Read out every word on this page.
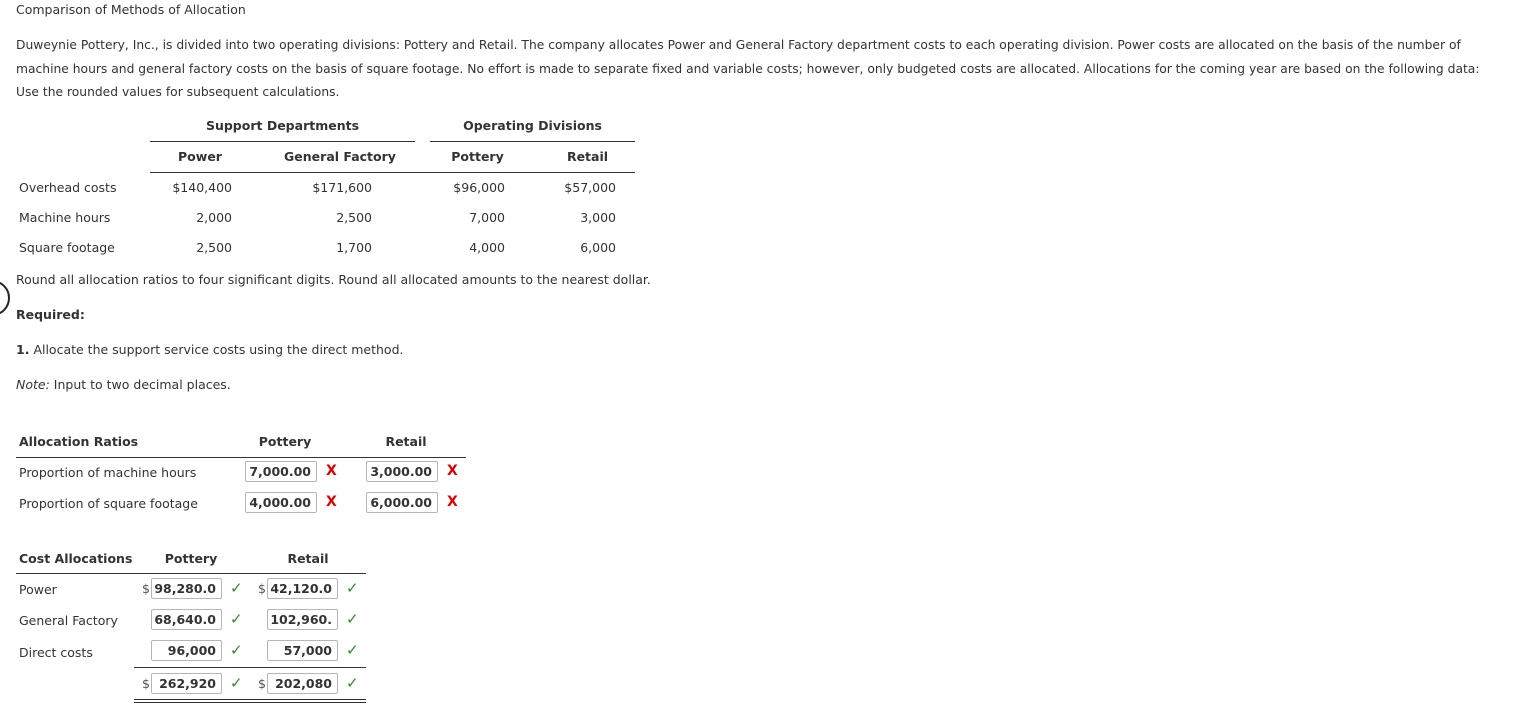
Comparison of Methods of Allocation
Duweynie Pottery, Inc., is divided into two operating divisions: Pottery and Retail. The company allocates Power and General Factory department costs to each operating division. Power costs are allocated on the basis of the number of machine hours and general factory costs on the basis of square footage. No effort is made to separate fixed and variable costs; however, only budgeted costs are allocated. Allocations for the coming year are based on the following data: Use the rounded values for subsequent calculations.
Support Departments	Operating Divisions
Power	General Factory	Pottery	Retail
Overhead costs	$140,400	$171,600	$96,000	$57,000
Machine hours	2,000	2,500	7,000	3,000
Square footage	2,500	1,700	4,000	6,000
Round all allocation ratios to four significant digits. Round all allocated amounts to the nearest dollar.
Required:
1. Allocate the support service costs using the direct method.
Note: Input to two decimal places.
Allocation Ratios	Pottery	Retail
Proportion of machine hours	7,000.00	X	3,000.00	X
Proportion of square footage	4,000.00	X	6,000.00	X
Cost Allocations	Pottery	Retail
Power	$ 98,280.0 ✓ $ 42,120.0 ✓
General Factory	68,640.0 ✓ 102,960. ✓
Direct costs	96,000 ✓	57,000 ✓
$ 262,920 ✓ $ 202,080 ✓
